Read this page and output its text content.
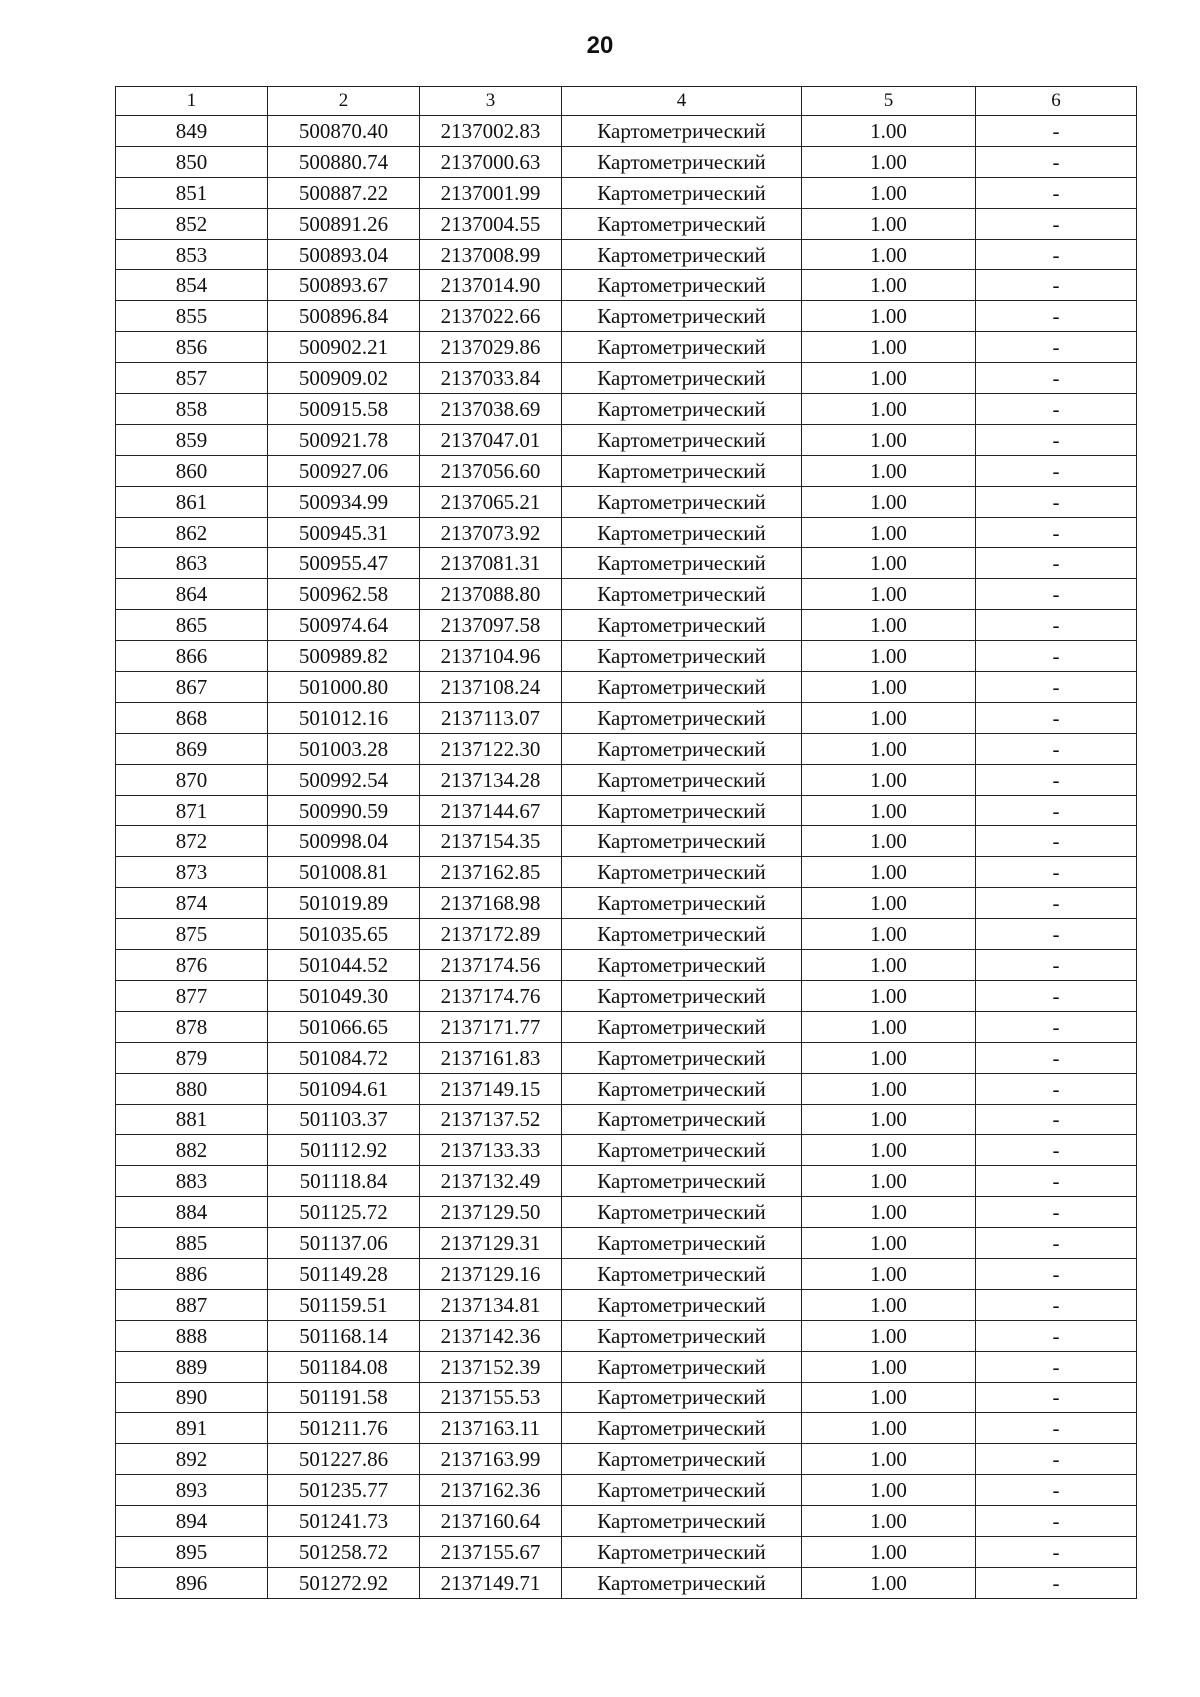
20
1	2	3	4	5	6
849	500870.40	2137002.83	Картометрический	1.00	-
850	500880.74	2137000.63	Картометрический	1.00	-
851	500887.22	2137001.99	Картометрический	1.00	-
852	500891.26	2137004.55	Картометрический	1.00	-
853	500893.04	2137008.99	Картометрический	1.00	-
854	500893.67	2137014.90	Картометрический	1.00	-
855	500896.84	2137022.66	Картометрический	1.00	-
856	500902.21	2137029.86	Картометрический	1.00	-
857	500909.02	2137033.84	Картометрический	1.00	-
858	500915.58	2137038.69	Картометрический	1.00	-
859	500921.78	2137047.01	Картометрический	1.00	-
860	500927.06	2137056.60	Картометрический	1.00	-
861	500934.99	2137065.21	Картометрический	1.00	-
862	500945.31	2137073.92	Картометрический	1.00	-
863	500955.47	2137081.31	Картометрический	1.00	-
864	500962.58	2137088.80	Картометрический	1.00	-
865	500974.64	2137097.58	Картометрический	1.00	-
866	500989.82	2137104.96	Картометрический	1.00	-
867	501000.80	2137108.24	Картометрический	1.00	-
868	501012.16	2137113.07	Картометрический	1.00	-
869	501003.28	2137122.30	Картометрический	1.00	-
870	500992.54	2137134.28	Картометрический	1.00	-
871	500990.59	2137144.67	Картометрический	1.00	-
872	500998.04	2137154.35	Картометрический	1.00	-
873	501008.81	2137162.85	Картометрический	1.00	-
874	501019.89	2137168.98	Картометрический	1.00	-
875	501035.65	2137172.89	Картометрический	1.00	-
876	501044.52	2137174.56	Картометрический	1.00	-
877	501049.30	2137174.76	Картометрический	1.00	-
878	501066.65	2137171.77	Картометрический	1.00	-
879	501084.72	2137161.83	Картометрический	1.00	-
880	501094.61	2137149.15	Картометрический	1.00	-
881	501103.37	2137137.52	Картометрический	1.00	-
882	501112.92	2137133.33	Картометрический	1.00	-
883	501118.84	2137132.49	Картометрический	1.00	-
884	501125.72	2137129.50	Картометрический	1.00	-
885	501137.06	2137129.31	Картометрический	1.00	-
886	501149.28	2137129.16	Картометрический	1.00	-
887	501159.51	2137134.81	Картометрический	1.00	-
888	501168.14	2137142.36	Картометрический	1.00	-
889	501184.08	2137152.39	Картометрический	1.00	-
890	501191.58	2137155.53	Картометрический	1.00	-
891	501211.76	2137163.11	Картометрический	1.00	-
892	501227.86	2137163.99	Картометрический	1.00	-
893	501235.77	2137162.36	Картометрический	1.00	-
894	501241.73	2137160.64	Картометрический	1.00	-
895	501258.72	2137155.67	Картометрический	1.00	-
896	501272.92	2137149.71	Картометрический	1.00	-
